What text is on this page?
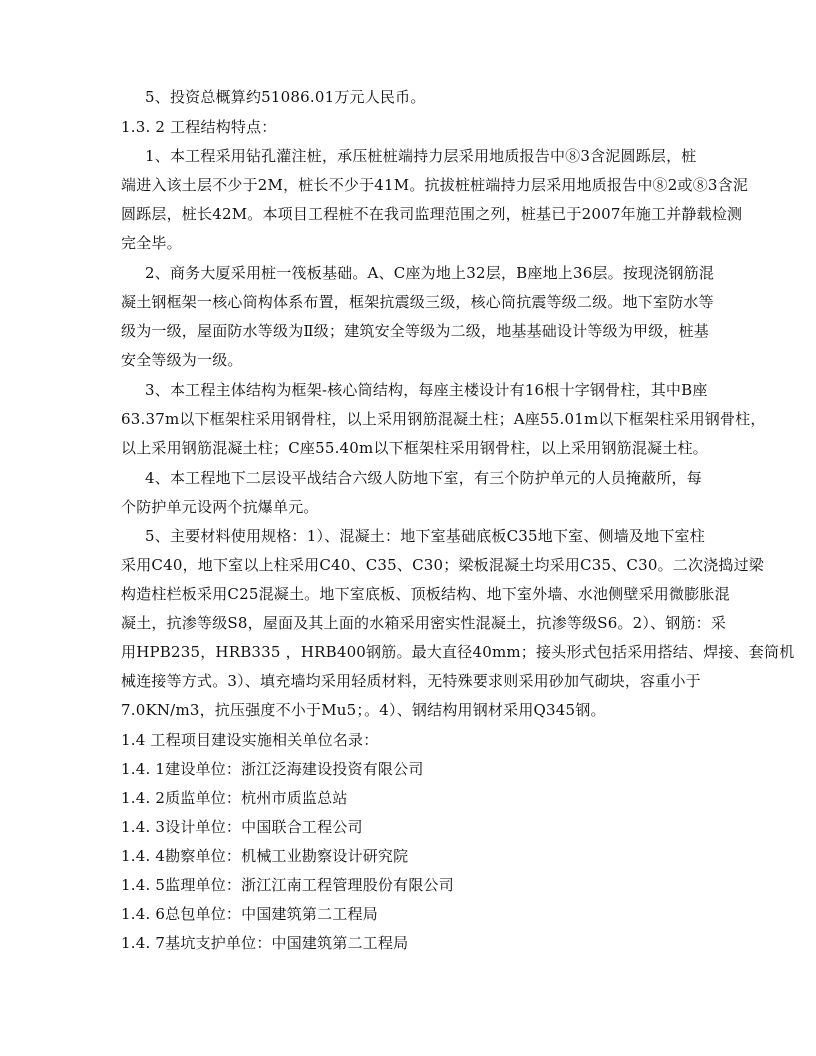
5、投资总概算约51086.01万元人民币。
1.3. 2 工程结构特点：
1、本工程采用钻孔灌注桩，承压桩桩端持力层采用地质报告中⑧3含泥圆跞层，桩
端进入该土层不少于2M，桩长不少于41M。抗拔桩桩端持力层采用地质报告中⑧2或⑧3含泥
圆跞层，桩长42M。本项目工程桩不在我司监理范围之列，桩基已于2007年施工并静载检测
完全毕。
2、商务大厦采用桩一筏板基础。A、C座为地上32层，B座地上36层。按现浇钢筋混
凝土钢框架一核心筒构体系布置，框架抗震级三级，核心筒抗震等级二级。地下室防水等
级为一级，屋面防水等级为Ⅱ级；建筑安全等级为二级，地基基础设计等级为甲级，桩基
安全等级为一级。
3、本工程主体结构为框架-核心筒结构，每座主楼设计有16根十字钢骨柱，其中B座
63.37m以下框架柱采用钢骨柱，以上采用钢筋混凝土柱；A座55.01m以下框架柱采用钢骨柱，
以上采用钢筋混凝土柱；C座55.40m以下框架柱采用钢骨柱，以上采用钢筋混凝土柱。
4、本工程地下二层设平战结合六级人防地下室，有三个防护单元的人员掩蔽所，每
个防护单元设两个抗爆单元。
5、主要材料使用规格：1）、混凝土：地下室基础底板C35地下室、侧墙及地下室柱
采用C40，地下室以上柱采用C40、C35、C30；梁板混凝土均采用C35、C30。二次浇捣过梁
构造柱栏板采用C25混凝土。地下室底板、顶板结构、地下室外墙、水池侧壁采用微膨胀混
凝土，抗渗等级S8，屋面及其上面的水箱采用密实性混凝土，抗渗等级S6。2）、钢筋：采
用HPB235，HRB335 ，HRB400钢筋。最大直径40mm；接头形式包括采用搭结、焊接、套筒机
械连接等方式。3）、填充墙均采用轻质材料，无特殊要求则采用砂加气砌块，容重小于
7.0KN/m3，抗压强度不小于Mu5；。4）、钢结构用钢材采用Q345钢。
1.4 工程项目建设实施相关单位名录：
1.4. 1建设单位：浙江泛海建设投资有限公司
1.4. 2质监单位：杭州市质监总站
1.4. 3设计单位：中国联合工程公司
1.4. 4勘察单位：机械工业勘察设计研究院
1.4. 5监理单位：浙江江南工程管理股份有限公司
1.4. 6总包单位：中国建筑第二工程局
1.4. 7基坑支护单位：中国建筑第二工程局
